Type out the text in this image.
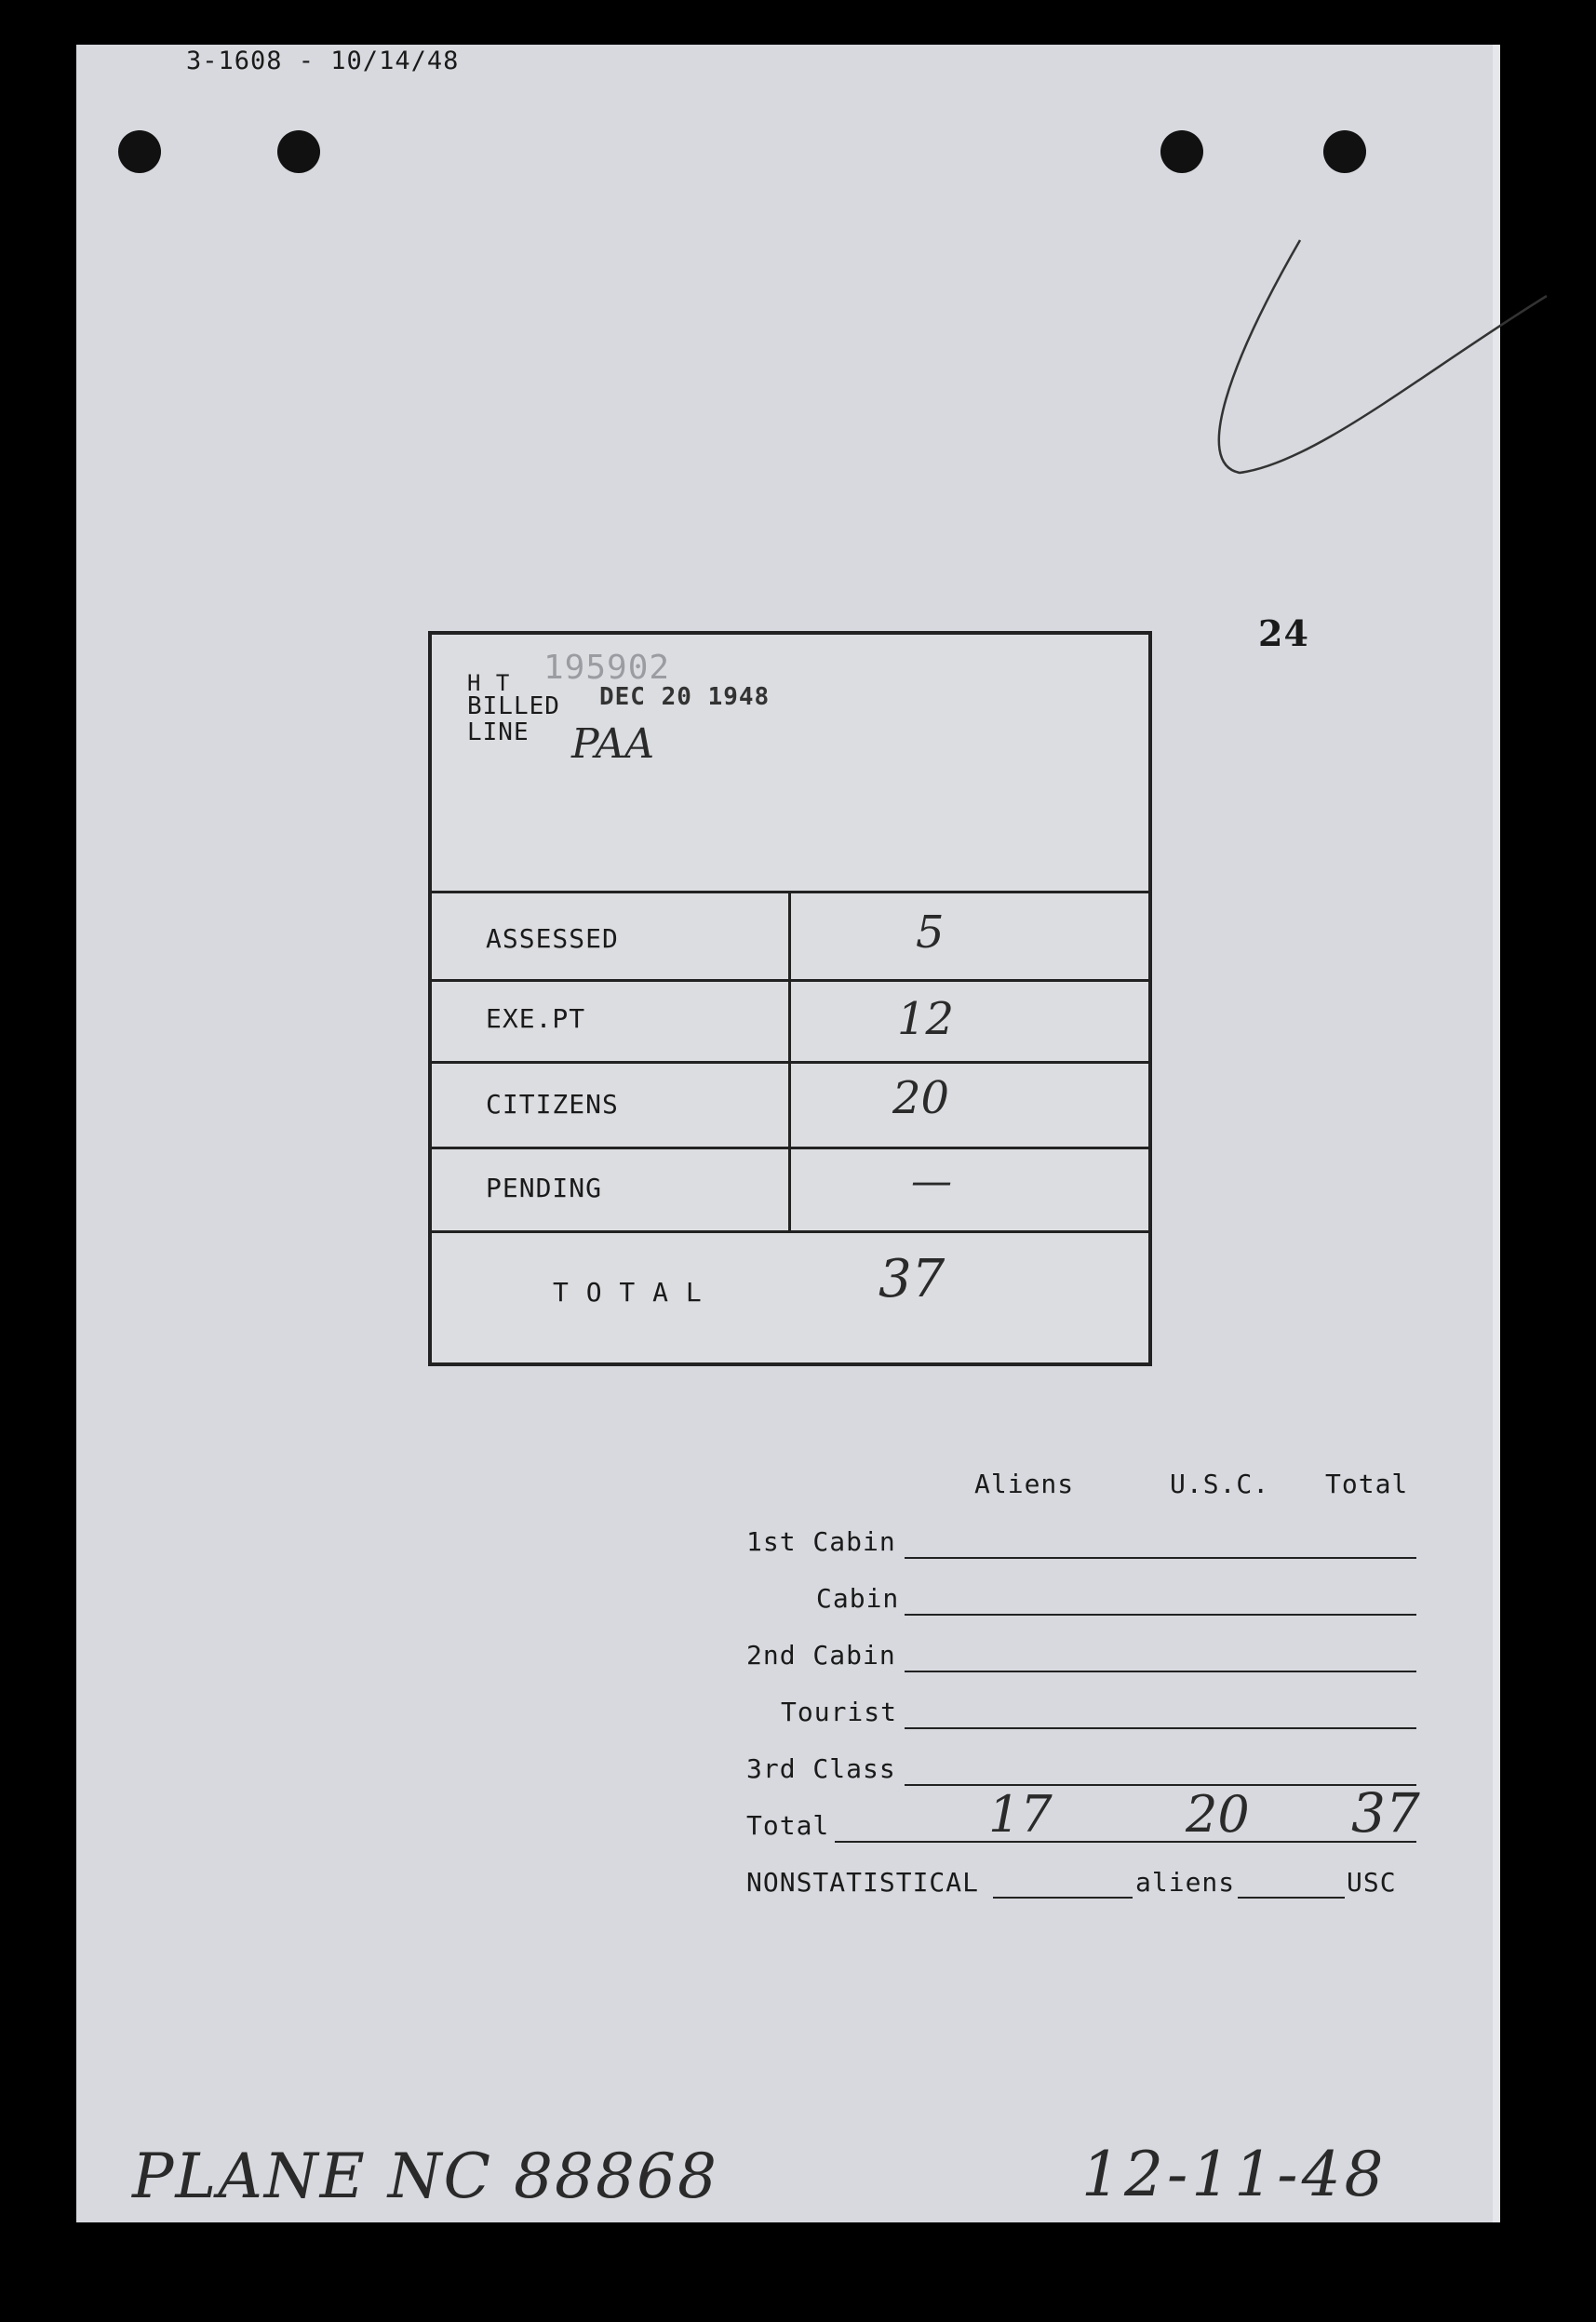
3-1608 - 10/14/48
24
H T
BILLED
LINE
195902
DEC 20 1948
PAA
ASSESSED	5
EXE.PT	12
CITIZENS	20
PENDING	—
T O T A L	37
Aliens	U.S.C. Total
1st Cabin
Cabin
2nd Cabin
Tourist
3rd Class
Total	17	20 37
NONSTATISTICAL	aliens	USC
PLANE NC 88868	12-11-48
